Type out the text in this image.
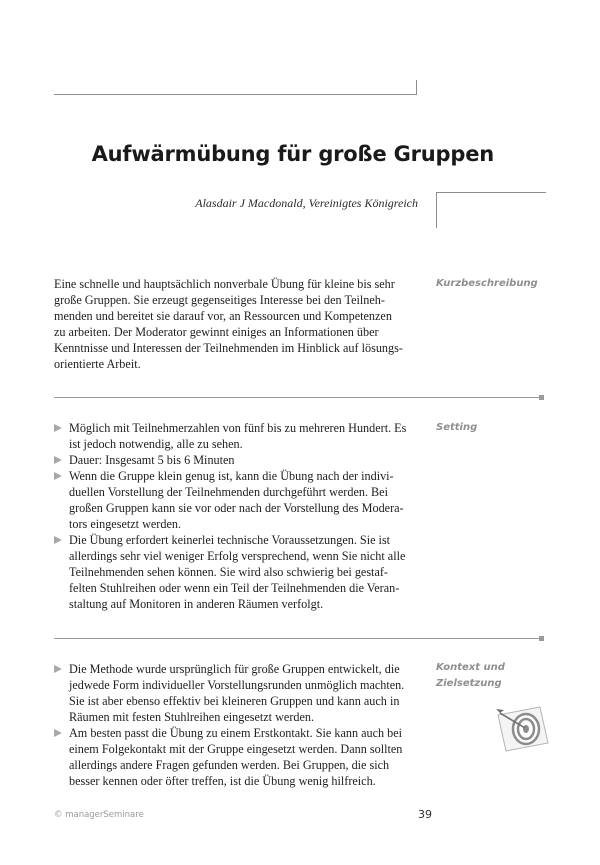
Aufwärmübung für große Gruppen
Alasdair J Macdonald, Vereinigtes Königreich
Eine schnelle und hauptsächlich nonverbale Übung für kleine bis sehr
große Gruppen. Sie erzeugt gegenseitiges Interesse bei den Teilneh-
menden und bereitet sie darauf vor, an Ressourcen und Kompetenzen
zu arbeiten. Der Moderator gewinnt einiges an Informationen über
Kenntnisse und Interessen der Teilnehmenden im Hinblick auf lösungs-
orientierte Arbeit.
Kurzbeschreibung
Möglich mit Teilnehmerzahlen von fünf bis zu mehreren Hundert. Es
ist jedoch notwendig, alle zu sehen.
Dauer: Insgesamt 5 bis 6 Minuten
Wenn die Gruppe klein genug ist, kann die Übung nach der indivi-
duellen Vorstellung der Teilnehmenden durchgeführt werden. Bei
großen Gruppen kann sie vor oder nach der Vorstellung des Modera-
tors eingesetzt werden.
Die Übung erfordert keinerlei technische Voraussetzungen. Sie ist
allerdings sehr viel weniger Erfolg versprechend, wenn Sie nicht alle
Teilnehmenden sehen können. Sie wird also schwierig bei gestaf-
felten Stuhlreihen oder wenn ein Teil der Teilnehmenden die Veran-
staltung auf Monitoren in anderen Räumen verfolgt.
Setting
Die Methode wurde ursprünglich für große Gruppen entwickelt, die
jedwede Form individueller Vorstellungsrunden unmöglich machten.
Sie ist aber ebenso effektiv bei kleineren Gruppen und kann auch in
Räumen mit festen Stuhlreihen eingesetzt werden.
Am besten passt die Übung zu einem Erstkontakt. Sie kann auch bei
einem Folgekontakt mit der Gruppe eingesetzt werden. Dann sollten
allerdings andere Fragen gefunden werden. Bei Gruppen, die sich
besser kennen oder öfter treffen, ist die Übung wenig hilfreich.
Kontext und
Zielsetzung
© managerSeminare	39
